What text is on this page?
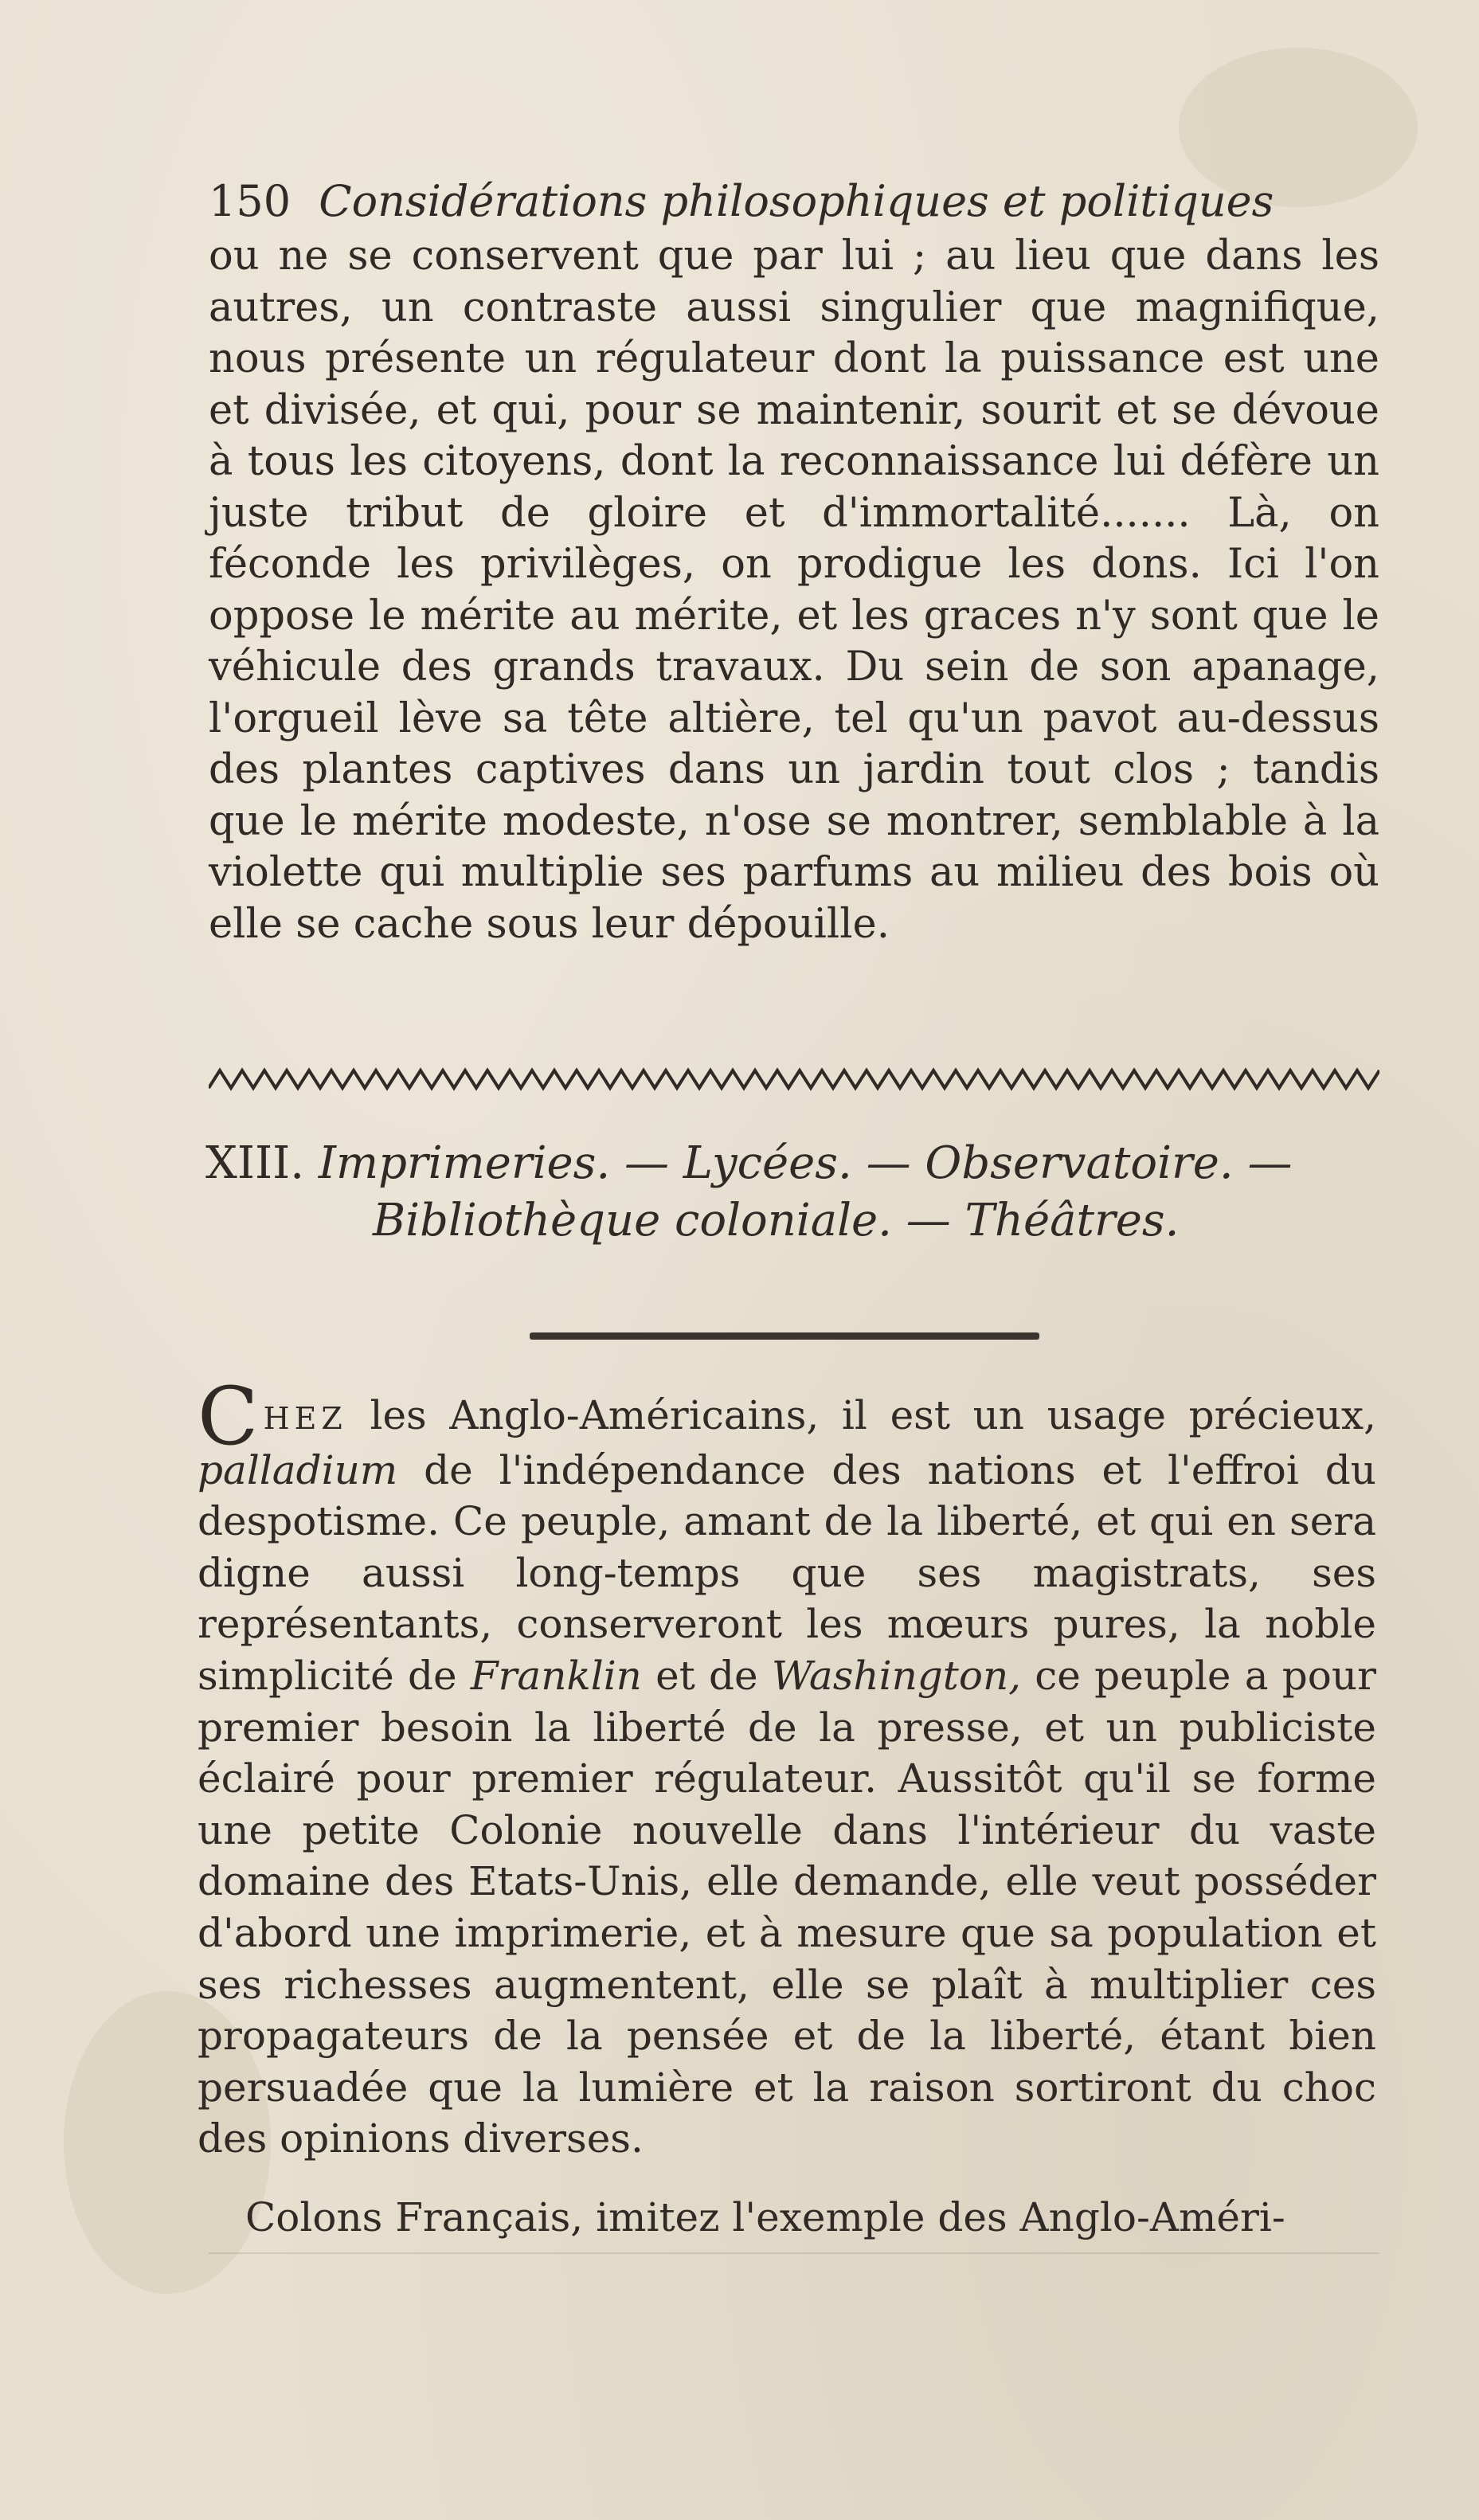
150 Considérations philosophiques et politiques
ou ne se conservent que par lui ; au lieu que dans les autres, un contraste aussi singulier que magnifique, nous présente un régulateur dont la puissance est une et divisée, et qui, pour se maintenir, sourit et se dévoue à tous les citoyens, dont la reconnaissance lui défère un juste tribut de gloire et d'immortalité....... Là, on féconde les privilèges, on prodigue les dons. Ici l'on oppose le mérite au mérite, et les graces n'y sont que le véhicule des grands travaux. Du sein de son apanage, l'orgueil lève sa tête altière, tel qu'un pavot au-dessus des plantes captives dans un jardin tout clos ; tandis que le mérite modeste, n'ose se montrer, semblable à la violette qui multiplie ses parfums au milieu des bois où elle se cache sous leur dépouille.
XIII. Imprimeries. — Lycées. — Observatoire. —
Bibliothèque coloniale. — Théâtres.
CHEZ les Anglo-Américains, il est un usage précieux, palladium de l'indépendance des nations et l'effroi du despotisme. Ce peuple, amant de la liberté, et qui en sera digne aussi long-temps que ses magistrats, ses représentants, conserveront les mœurs pures, la noble simplicité de Franklin et de Washington, ce peuple a pour premier besoin la liberté de la presse, et un publiciste éclairé pour premier régulateur. Aussitôt qu'il se forme une petite Colonie nouvelle dans l'intérieur du vaste domaine des Etats-Unis, elle demande, elle veut posséder d'abord une imprimerie, et à mesure que sa population et ses richesses augmentent, elle se plaît à multiplier ces propagateurs de la pensée et de la liberté, étant bien persuadée que la lumière et la raison sortiront du choc des opinions diverses.
Colons Français, imitez l'exemple des Anglo-Améri-
